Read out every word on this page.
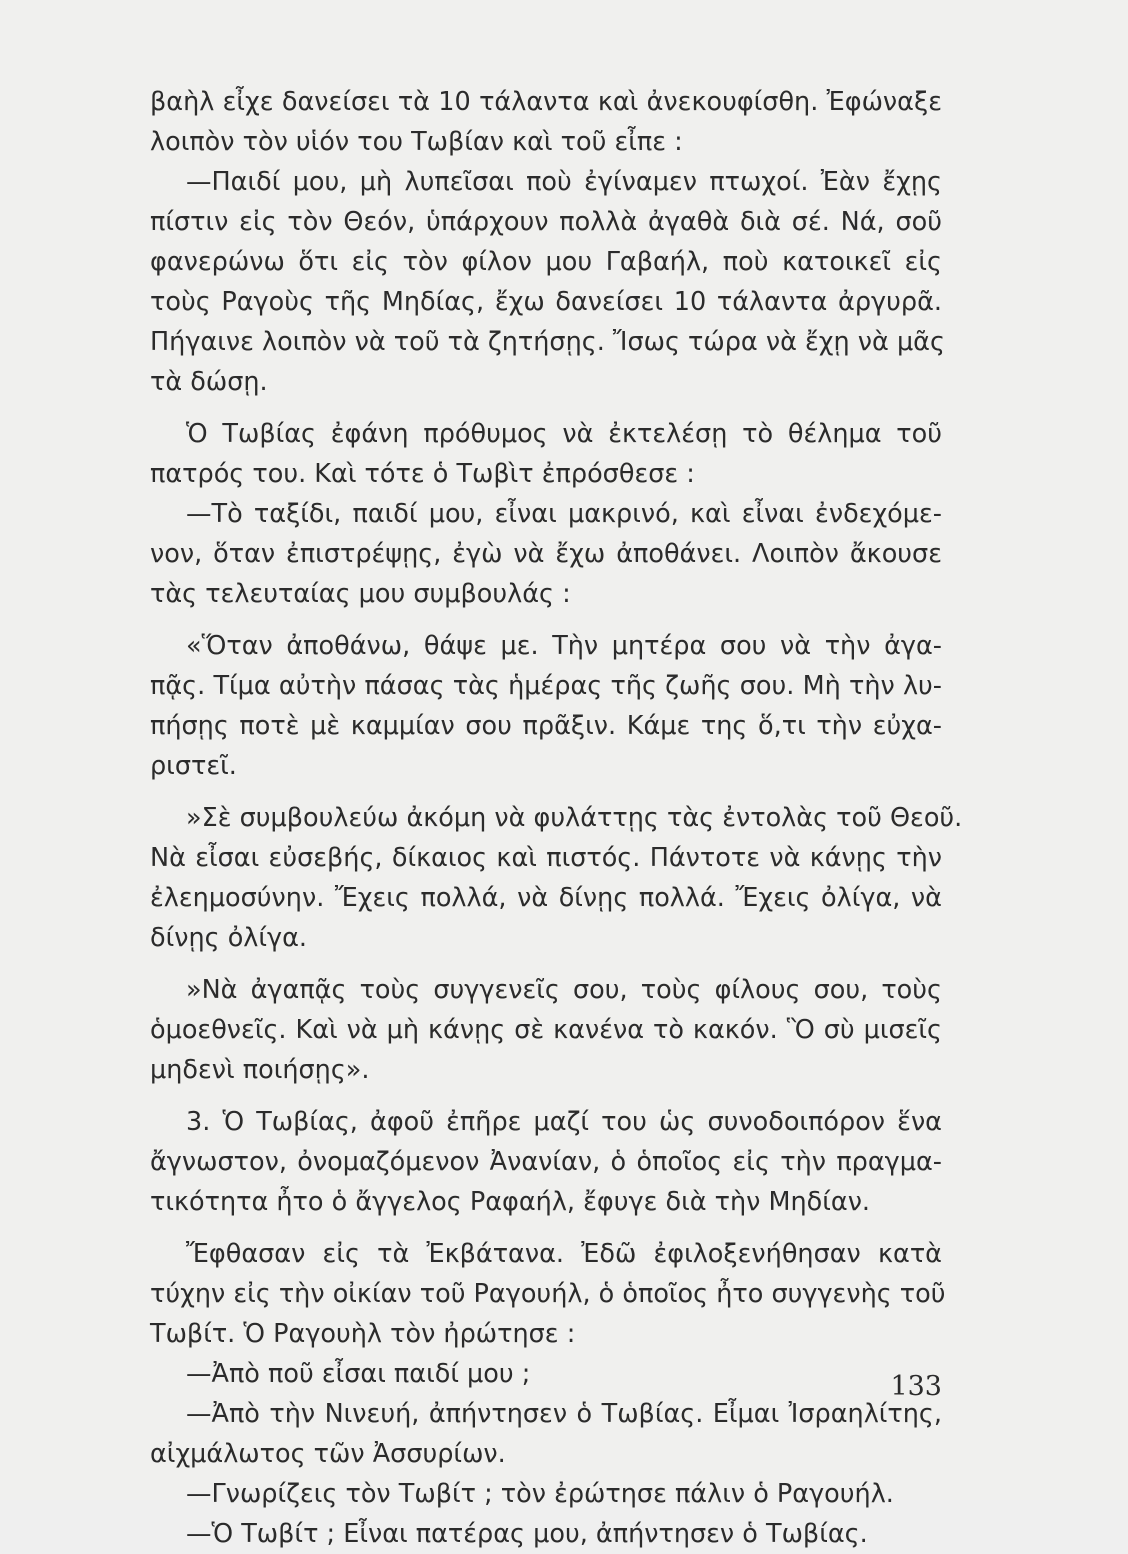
βαὴλ εἶχε δανείσει τὰ 10 τάλαντα καὶ ἀνεκουφίσθη. Ἐφώναξε
λοιπὸν τὸν υἱόν του Τωβίαν καὶ τοῦ εἶπε :
—Παιδί μου, μὴ λυπεῖσαι ποὺ ἐγίναμεν πτωχοί. Ἐὰν ἔχῃς
πίστιν εἰς τὸν Θεόν, ὑπάρχουν πολλὰ ἀγαθὰ διὰ σέ. Νά, σοῦ
φανερώνω ὅτι εἰς τὸν φίλον μου Γαβαήλ, ποὺ κατοικεῖ εἰς
τοὺς Ραγοὺς τῆς Μηδίας, ἔχω δανείσει 10 τάλαντα ἀργυρᾶ.
Πήγαινε λοιπὸν νὰ τοῦ τὰ ζητήσῃς. Ἴσως τώρα νὰ ἔχῃ νὰ μᾶς
τὰ δώσῃ.
Ὁ Τωβίας ἐφάνη πρόθυμος νὰ ἐκτελέσῃ τὸ θέλημα τοῦ
πατρός του. Καὶ τότε ὁ Τωβὶτ ἐπρόσθεσε :
—Τὸ ταξίδι, παιδί μου, εἶναι μακρινό, καὶ εἶναι ἐνδεχόμε-
νον, ὅταν ἐπιστρέψῃς, ἐγὼ νὰ ἔχω ἀποθάνει. Λοιπὸν ἄκουσε
τὰς τελευταίας μου συμβουλάς :
«Ὅταν ἀποθάνω, θάψε με. Τὴν μητέρα σου νὰ τὴν ἀγα-
πᾷς. Τίμα αὐτὴν πάσας τὰς ἡμέρας τῆς ζωῆς σου. Μὴ τὴν λυ-
πήσῃς ποτὲ μὲ καμμίαν σου πρᾶξιν. Κάμε της ὅ,τι τὴν εὐχα-
ριστεῖ.
»Σὲ συμβουλεύω ἀκόμη νὰ φυλάττῃς τὰς ἐντολὰς τοῦ Θεοῦ.
Νὰ εἶσαι εὐσεβής, δίκαιος καὶ πιστός. Πάντοτε νὰ κάνῃς τὴν
ἐλεημοσύνην. Ἔχεις πολλά, νὰ δίνῃς πολλά. Ἔχεις ὀλίγα, νὰ
δίνῃς ὀλίγα.
»Νὰ ἀγαπᾷς τοὺς συγγενεῖς σου, τοὺς φίλους σου, τοὺς
ὁμοεθνεῖς. Καὶ νὰ μὴ κάνῃς σὲ κανένα τὸ κακόν. Ὃ σὺ μισεῖς
μηδενὶ ποιήσῃς».
3. Ὁ Τωβίας, ἀφοῦ ἐπῆρε μαζί του ὡς συνοδοιπόρον ἕνα
ἄγνωστον, ὀνομαζόμενον Ἀνανίαν, ὁ ὁποῖος εἰς τὴν πραγμα-
τικότητα ἦτο ὁ ἄγγελος Ραφαήλ, ἔφυγε διὰ τὴν Μηδίαν.
Ἔφθασαν εἰς τὰ Ἐκβάτανα. Ἐδῶ ἐφιλοξενήθησαν κατὰ
τύχην εἰς τὴν οἰκίαν τοῦ Ραγουήλ, ὁ ὁποῖος ἦτο συγγενὴς τοῦ
Τωβίτ. Ὁ Ραγουὴλ τὸν ἠρώτησε :
—Ἀπὸ ποῦ εἶσαι παιδί μου ;
—Ἀπὸ τὴν Νινευή, ἀπήντησεν ὁ Τωβίας. Εἶμαι Ἰσραηλίτης,
αἰχμάλωτος τῶν Ἀσσυρίων.
—Γνωρίζεις τὸν Τωβίτ ; τὸν ἐρώτησε πάλιν ὁ Ραγουήλ.
—Ὁ Τωβίτ ; Εἶναι πατέρας μου, ἀπήντησεν ὁ Τωβίας.
133
